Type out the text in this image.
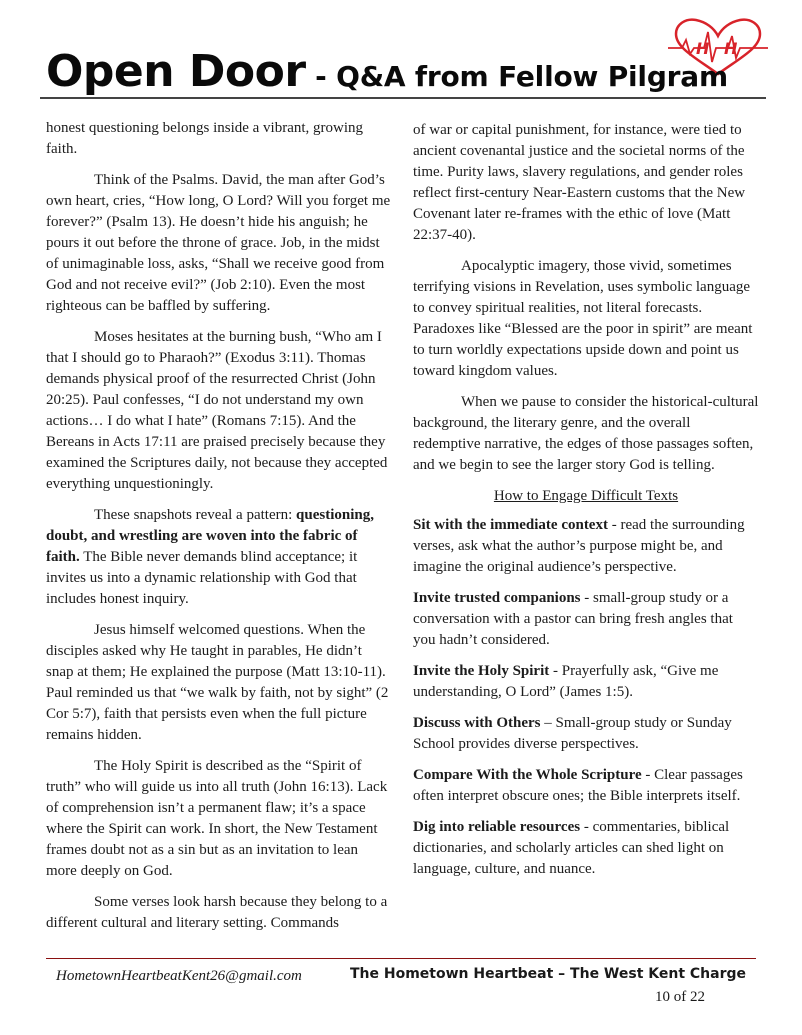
H H
Open Door - Q&A from Fellow Pilgram

honest questioning belongs inside a vibrant, growing faith.

Think of the Psalms. David, the man after God’s own heart, cries, “How long, O Lord? Will you forget me forever?” (Psalm 13). He doesn’t hide his anguish; he pours it out before the throne of grace. Job, in the midst of unimaginable loss, asks, “Shall we receive good from God and not receive evil?” (Job 2:10). Even the most righteous can be baffled by suffering.

Moses hesitates at the burning bush, “Who am I that I should go to Pharaoh?” (Exodus 3:11). Thomas demands physical proof of the resurrected Christ (John 20:25). Paul confesses, “I do not understand my own actions… I do what I hate” (Romans 7:15). And the Bereans in Acts 17:11 are praised precisely because they examined the Scriptures daily, not because they accepted everything unquestioningly.

These snapshots reveal a pattern: questioning, doubt, and wrestling are woven into the fabric of faith. The Bible never demands blind acceptance; it invites us into a dynamic relationship with God that includes honest inquiry.

Jesus himself welcomed questions. When the disciples asked why He taught in parables, He didn’t snap at them; He explained the purpose (Matt 13:10-11). Paul reminded us that “we walk by faith, not by sight” (2 Cor 5:7), faith that persists even when the full picture remains hidden.

The Holy Spirit is described as the “Spirit of truth” who will guide us into all truth (John 16:13). Lack of comprehension isn’t a permanent flaw; it’s a space where the Spirit can work. In short, the New Testament frames doubt not as a sin but as an invitation to lean more deeply on God.

Some verses look harsh because they belong to a different cultural and literary setting. Commands

of war or capital punishment, for instance, were tied to ancient covenantal justice and the societal norms of the time. Purity laws, slavery regulations, and gender roles reflect first-century Near-Eastern customs that the New Covenant later re-frames with the ethic of love (Matt 22:37-40).

Apocalyptic imagery, those vivid, sometimes terrifying visions in Revelation, uses symbolic language to convey spiritual realities, not literal forecasts. Paradoxes like “Blessed are the poor in spirit” are meant to turn worldly expectations upside down and point us toward kingdom values.

When we pause to consider the historical-cultural background, the literary genre, and the overall redemptive narrative, the edges of those passages soften, and we begin to see the larger story God is telling.

How to Engage Difficult Texts

Sit with the immediate context - read the surrounding verses, ask what the author’s purpose might be, and imagine the original audience’s perspective.

Invite trusted companions - small-group study or a conversation with a pastor can bring fresh angles that you hadn’t considered.

Invite the Holy Spirit - Prayerfully ask, “Give me understanding, O Lord” (James 1:5).

Discuss with Others – Small-group study or Sunday School provides diverse perspectives.

Compare With the Whole Scripture - Clear passages often interpret obscure ones; the Bible interprets itself.

Dig into reliable resources - commentaries, biblical dictionaries, and scholarly articles can shed light on language, culture, and nuance.

HometownHeartbeatKent26@gmail.com	The Hometown Heartbeat – The West Kent Charge
10 of 22
